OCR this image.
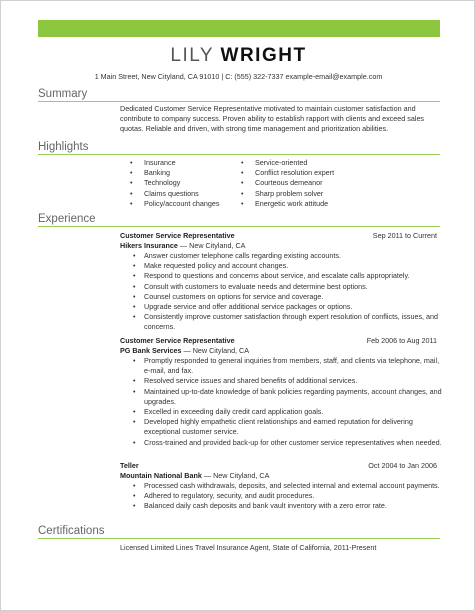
LILY WRIGHT
1 Main Street, New Cityland, CA 91010 | C: (555) 322-7337 example-email@example.com
Summary
Dedicated Customer Service Representative motivated to maintain customer satisfaction and contribute to company success. Proven ability to establish rapport with clients and exceed sales quotas. Reliable and driven, with strong time management and prioritization abilities.
Highlights
• Insurance
• Banking
• Technology
• Claims questions
• Policy/account changes
• Service-oriented
• Conflict resolution expert
• Courteous demeanor
• Sharp problem solver
• Energetic work attitude
Experience
Customer Service Representative	Sep 2011 to Current
Hikers Insurance — New Cityland, CA
• Answer customer telephone calls regarding existing accounts.
• Make requested policy and account changes.
• Respond to questions and concerns about service, and escalate calls appropriately.
• Consult with customers to evaluate needs and determine best options.
• Counsel customers on options for service and coverage.
• Upgrade service and offer additional service packages or options.
• Consistently improve customer satisfaction through expert resolution of conflicts, issues, and concerns.
Customer Service Representative	Feb 2006 to Aug 2011
PG Bank Services — New Cityland, CA
• Promptly responded to general inquiries from members, staff, and clients via telephone, mail, e-mail, and fax.
• Resolved service issues and shared benefits of additional services.
• Maintained up-to-date knowledge of bank policies regarding payments, account changes, and upgrades.
• Excelled in exceeding daily credit card application goals.
• Developed highly empathetic client relationships and earned reputation for delivering exceptional customer service.
• Cross-trained and provided back-up for other customer service representatives when needed.
Teller	Oct 2004 to Jan 2006
Mountain National Bank — New Cityland, CA
• Processed cash withdrawals, deposits, and selected internal and external account payments.
• Adhered to regulatory, security, and audit procedures.
• Balanced daily cash deposits and bank vault inventory with a zero error rate.
Certifications
Licensed Limited Lines Travel Insurance Agent, State of California, 2011-Present
